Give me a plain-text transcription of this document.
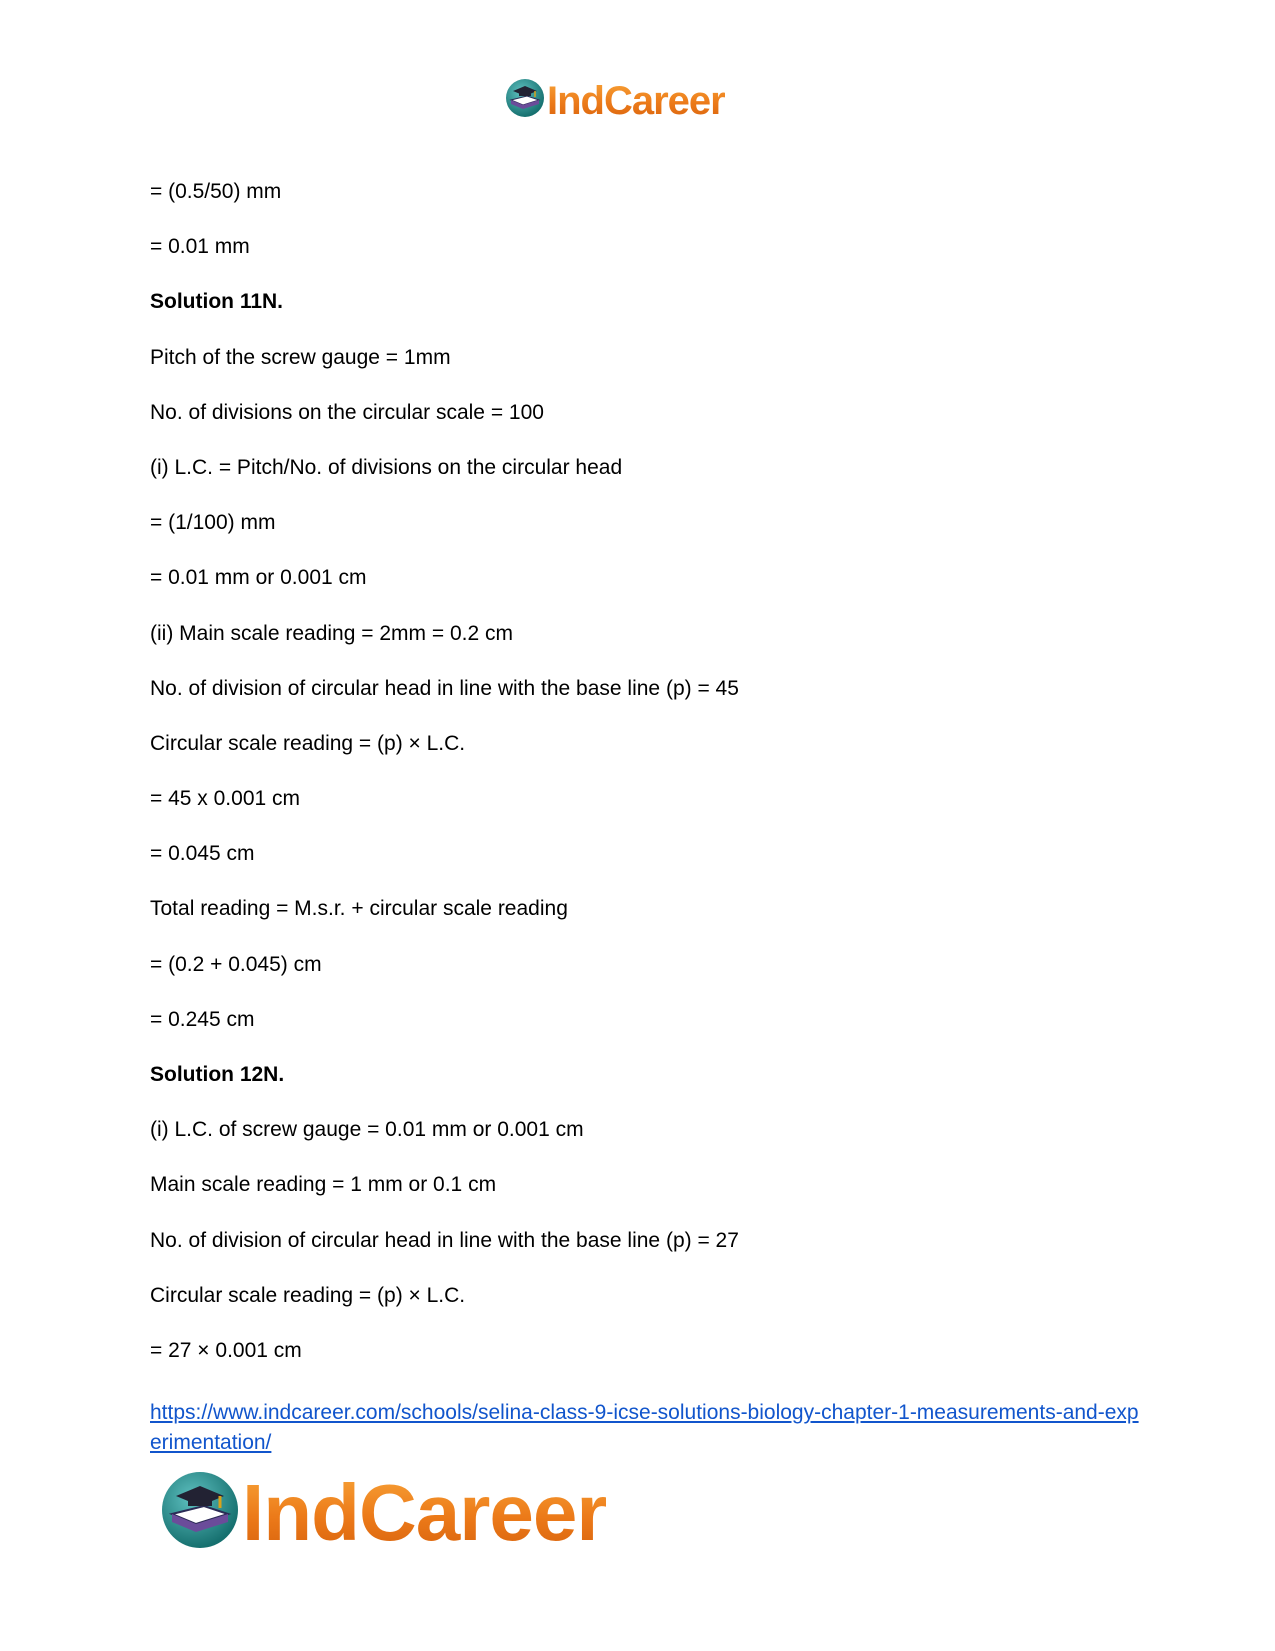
IndCareer
= (0.5/50) mm
= 0.01 mm
Solution 11N.
Pitch of the screw gauge = 1mm
No. of divisions on the circular scale = 100
(i) L.C. = Pitch/No. of divisions on the circular head
= (1/100) mm
= 0.01 mm or 0.001 cm
(ii) Main scale reading = 2mm = 0.2 cm
No. of division of circular head in line with the base line (p) = 45
Circular scale reading = (p) × L.C.
= 45 x 0.001 cm
= 0.045 cm
Total reading = M.s.r. + circular scale reading
= (0.2 + 0.045) cm
= 0.245 cm
Solution 12N.
(i) L.C. of screw gauge = 0.01 mm or 0.001 cm
Main scale reading = 1 mm or 0.1 cm
No. of division of circular head in line with the base line (p) = 27
Circular scale reading = (p) × L.C.
= 27 × 0.001 cm
https://www.indcareer.com/schools/selina-class-9-icse-solutions-biology-chapter-1-measurements-and-experimentation/
IndCareer
